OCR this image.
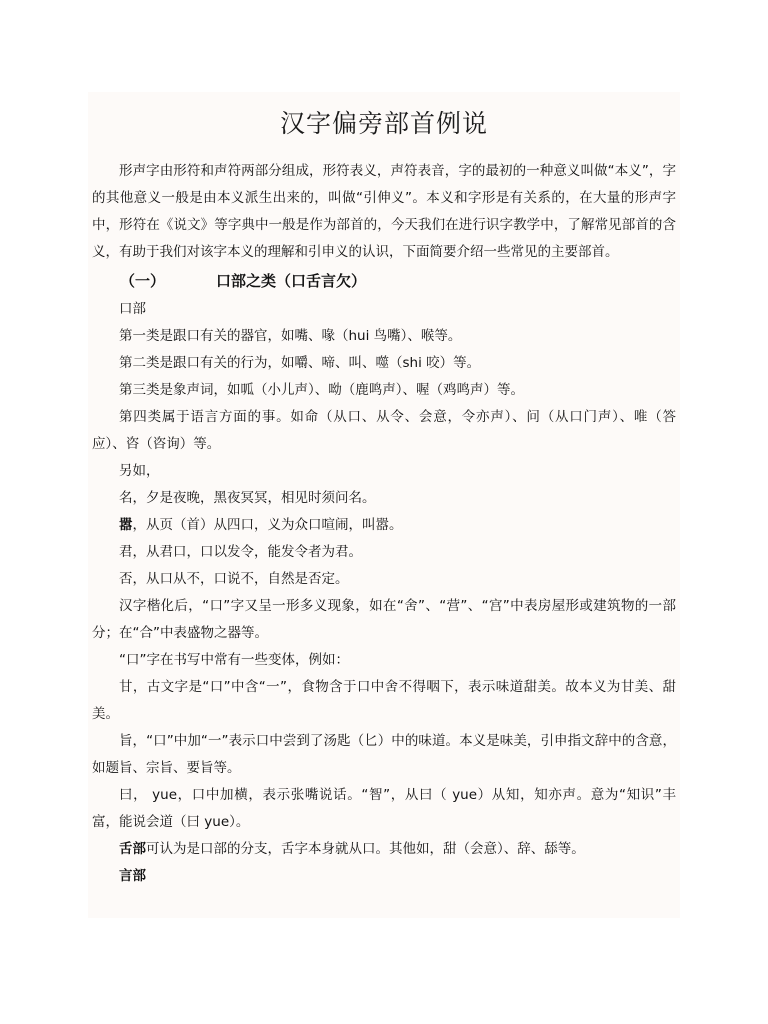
汉字偏旁部首例说

形声字由形符和声符两部分组成，形符表义，声符表音，字的最初的一种意义叫做“本义”，字的其他意义一般是由本义派生出来的，叫做“引伸义”。本义和字形是有关系的，在大量的形声字中，形符在《说文》等字典中一般是作为部首的，今天我们在进行识字教学中，了解常见部首的含义，有助于我们对该字本义的理解和引申义的认识，下面简要介绍一些常见的主要部首。

（一）	口部之类（口舌言欠）

口部

第一类是跟口有关的器官，如嘴、喙（hui 鸟嘴）、喉等。

第二类是跟口有关的行为，如嚼、啼、叫、噬（shi 咬）等。

第三类是象声词，如呱（小儿声）、呦（鹿鸣声）、喔（鸡鸣声）等。

第四类属于语言方面的事。如命（从口、从令、会意，令亦声）、问（从口门声）、唯（答应）、咨（咨询）等。

另如，

名，夕是夜晚，黑夜冥冥，相见时须问名。

嚣，从页（首）从四口，义为众口喧闹，叫嚣。

君，从君口，口以发令，能发令者为君。

否，从口从不，口说不，自然是否定。

汉字楷化后，“口”字又呈一形多义现象，如在“舍”、“营”、“宫”中表房屋形或建筑物的一部分；在“合”中表盛物之器等。

“口”字在书写中常有一些变体，例如：

甘，古文字是“口”中含“一”，食物含于口中舍不得咽下，表示味道甜美。故本义为甘美、甜美。

旨，“口”中加“一”表示口中尝到了汤匙（匕）中的味道。本义是味美，引申指文辞中的含意，如题旨、宗旨、要旨等。

曰， yue，口中加横，表示张嘴说话。“智”，从曰（ yue）从知，知亦声。意为“知识”丰富，能说会道（曰 yue）。

舌部可认为是口部的分支，舌字本身就从口。其他如，甜（会意）、辞、舔等。

言部
